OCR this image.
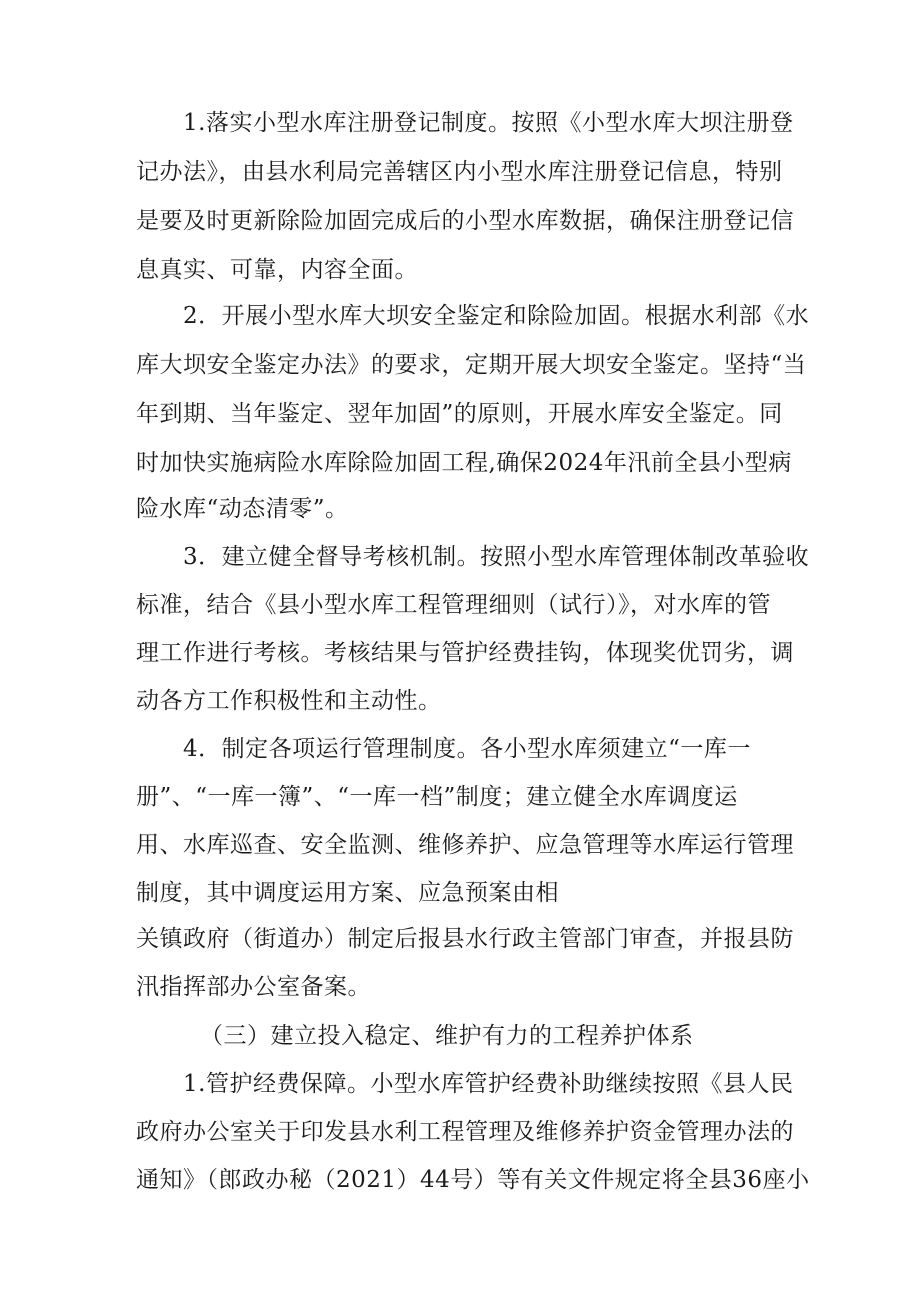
1.落实小型水库注册登记制度。按照《小型水库大坝注册登
记办法》，由县水利局完善辖区内小型水库注册登记信息，特别
是要及时更新除险加固完成后的小型水库数据，确保注册登记信
息真实、可靠，内容全面。
2．开展小型水库大坝安全鉴定和除险加固。根据水利部《水
库大坝安全鉴定办法》的要求，定期开展大坝安全鉴定。坚持“当
年到期、当年鉴定、翌年加固”的原则，开展水库安全鉴定。同
时加快实施病险水库除险加固工程,确保2024年汛前全县小型病
险水库“动态清零”。
3．建立健全督导考核机制。按照小型水库管理体制改革验收
标准，结合《县小型水库工程管理细则（试行）》，对水库的管
理工作进行考核。考核结果与管护经费挂钩，体现奖优罚劣，调
动各方工作积极性和主动性。
4．制定各项运行管理制度。各小型水库须建立“一库一
册”、“一库一簿”、“一库一档”制度；建立健全水库调度运
用、水库巡查、安全监测、维修养护、应急管理等水库运行管理
制度，其中调度运用方案、应急预案由相
关镇政府（街道办）制定后报县水行政主管部门审查，并报县防
汛指挥部办公室备案。
（三）建立投入稳定、维护有力的工程养护体系
1.管护经费保障。小型水库管护经费补助继续按照《县人民
政府办公室关于印发县水利工程管理及维修养护资金管理办法的
通知》（郎政办秘（2021）44号）等有关文件规定将全县36座小
